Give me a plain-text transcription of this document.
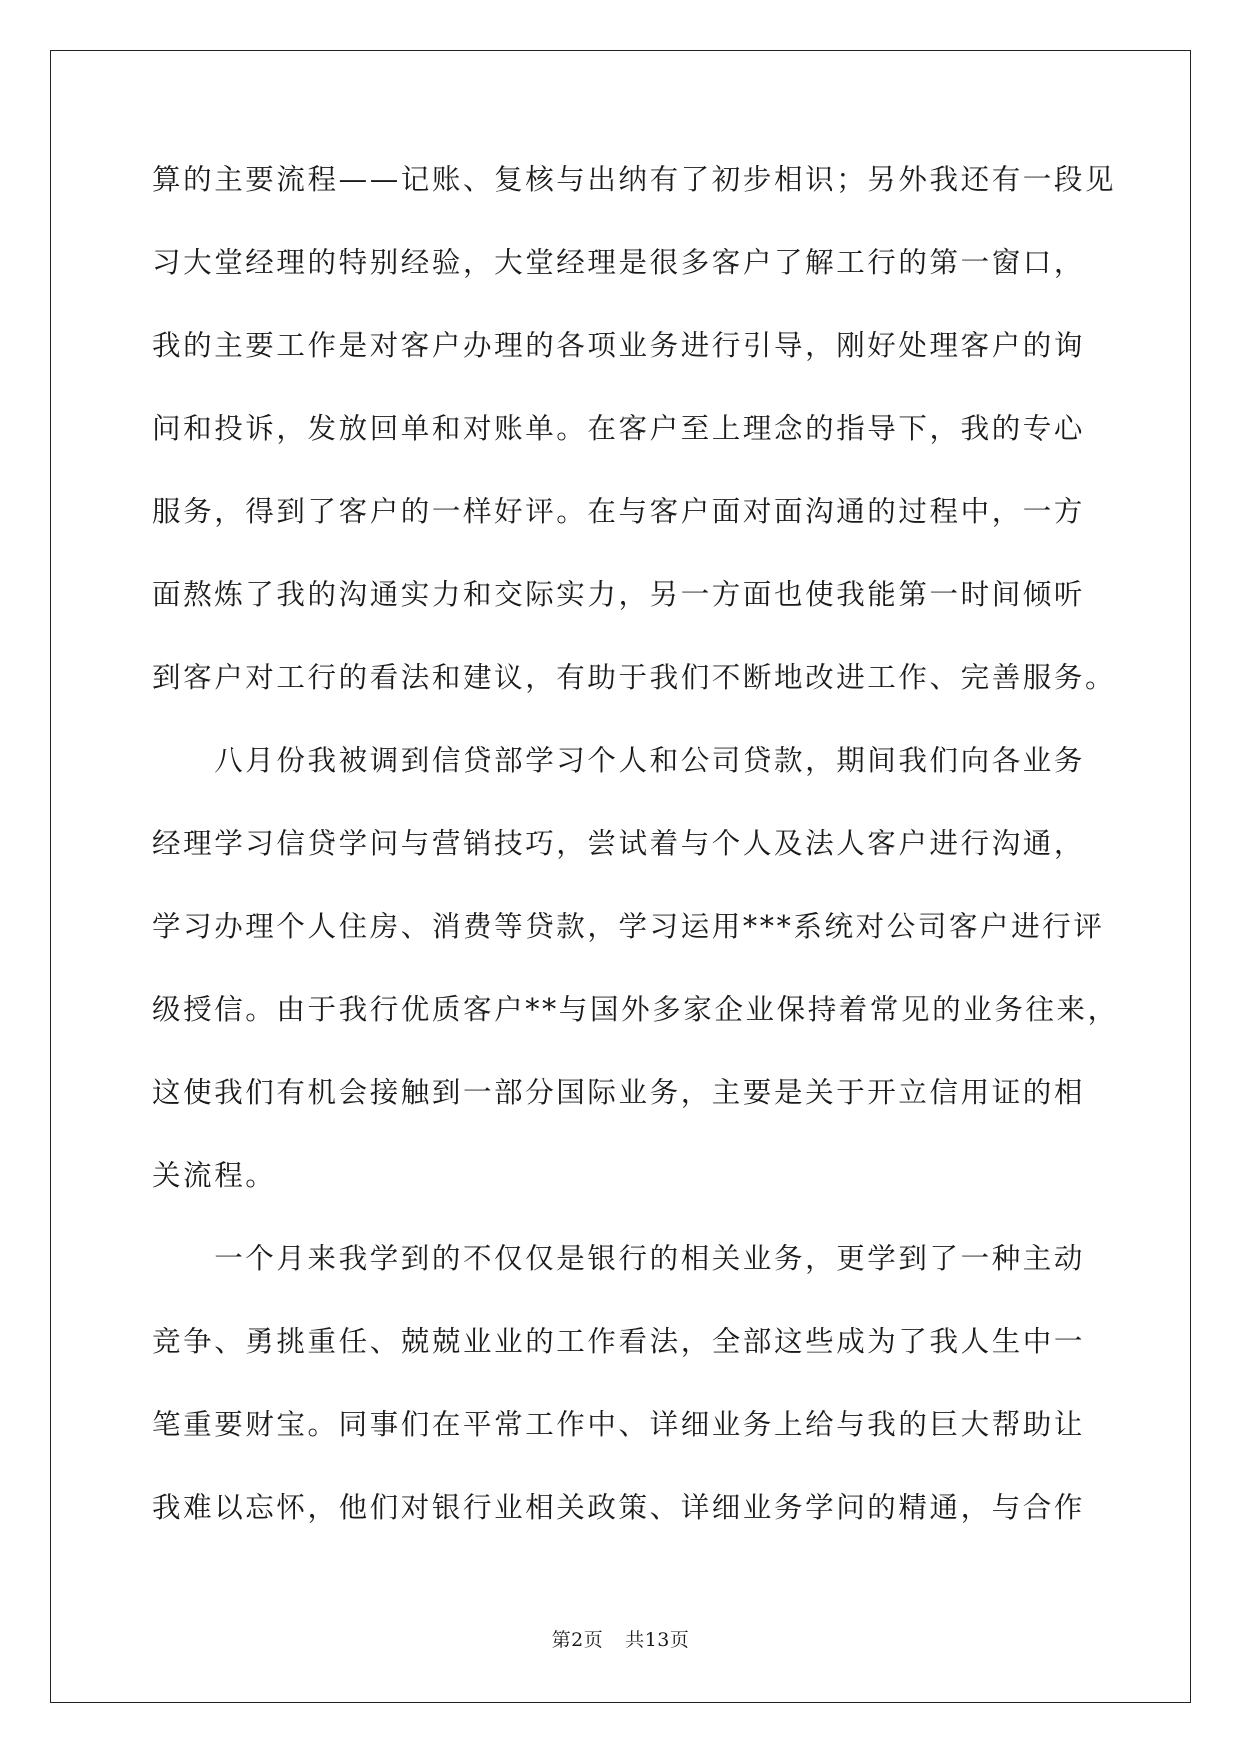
算的主要流程——记账、复核与出纳有了初步相识；另外我还有一段见
习大堂经理的特别经验，大堂经理是很多客户了解工行的第一窗口，
我的主要工作是对客户办理的各项业务进行引导，刚好处理客户的询
问和投诉，发放回单和对账单。在客户至上理念的指导下，我的专心
服务，得到了客户的一样好评。在与客户面对面沟通的过程中，一方
面熬炼了我的沟通实力和交际实力，另一方面也使我能第一时间倾听
到客户对工行的看法和建议，有助于我们不断地改进工作、完善服务。
　　八月份我被调到信贷部学习个人和公司贷款，期间我们向各业务
经理学习信贷学问与营销技巧，尝试着与个人及法人客户进行沟通，
学习办理个人住房、消费等贷款，学习运用***系统对公司客户进行评
级授信。由于我行优质客户**与国外多家企业保持着常见的业务往来，
这使我们有机会接触到一部分国际业务，主要是关于开立信用证的相
关流程。
　　一个月来我学到的不仅仅是银行的相关业务，更学到了一种主动
竞争、勇挑重任、兢兢业业的工作看法，全部这些成为了我人生中一
笔重要财宝。同事们在平常工作中、详细业务上给与我的巨大帮助让
我难以忘怀，他们对银行业相关政策、详细业务学问的精通，与合作
第2页 共13页
